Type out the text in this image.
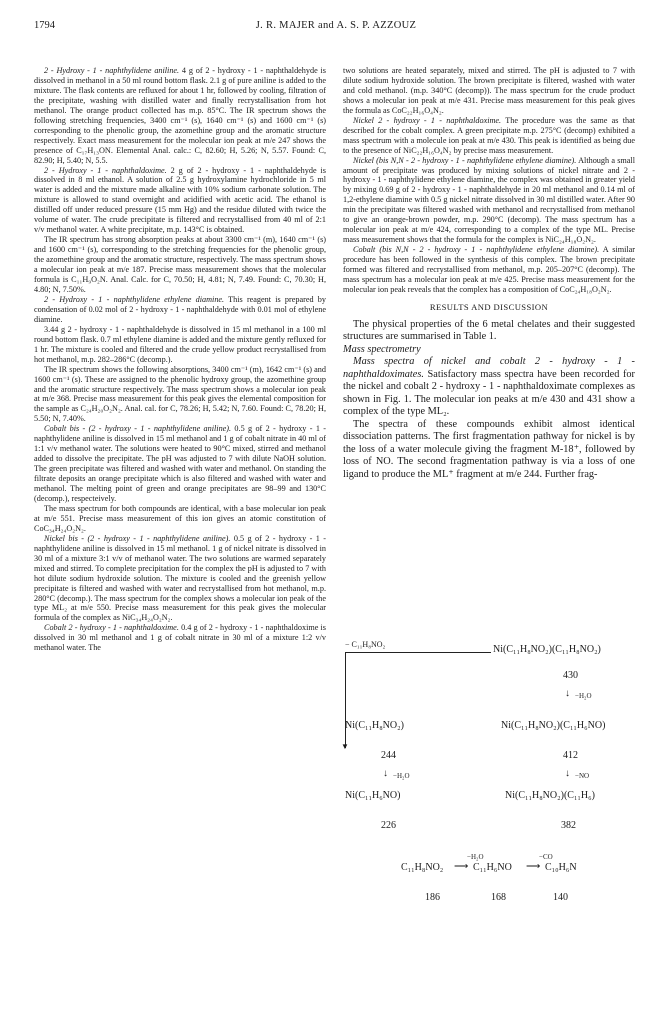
1794	J. R. MAJER and A. S. P. AZZOUZ

2 - Hydroxy - 1 - naphthylidene aniline. 4 g of 2 - hydroxy - 1 - naphthaldehyde is dissolved in methanol in a 50 ml round bottom flask. 2.1 g of pure aniline is added to the mixture. The flask contents are refluxed for about 1 hr, followed by cooling, filtration of the precipitate, washing with distilled water and finally recrystallisation from hot methanol. The orange product collected has m.p. 85°C. The IR spectrum shows the following stretching frequencies, 3400 cm⁻¹ (s), 1640 cm⁻¹ (s) and 1600 cm⁻¹ (s) corresponding to the phenolic group, the azomethine group and the aromatic structure respectively. Exact mass measurement for the molecular ion peak at m/e 247 shows the presence of C₁₇H₁₃ON. Elemental Anal. calc.: C, 82.60; H, 5.26; N, 5.57. Found: C, 82.90; H, 5.40; N, 5.5.

2 - Hydroxy - 1 - naphthaldoxime. 2 g of 2 - hydroxy - 1 - naphthaldehyde is dissolved in 8 ml ethanol. A solution of 2.5 g hydroxylamine hydrochloride in 5 ml water is added and the mixture made alkaline with 10% sodium carbonate solution. The mixture is allowed to stand overnight and acidified with acetic acid. The ethanol is distilled off under reduced pressure (15 mm Hg) and the residue diluted with twice the volume of water. The crude precipitate is filtered and recrystallised from 40 ml of 2:1 v/v methanol water. A white precipitate, m.p. 143°C is obtained.

The IR spectrum has strong absorption peaks at about 3300 cm⁻¹ (m), 1640 cm⁻¹ (s) and 1600 cm⁻¹ (s), corresponding to the stretching frequencies for the phenolic group, the azomethine group and the aromatic structure, respectively. The mass spectrum shows a molecular ion peak at m/e 187. Precise mass measurement shows that the molecular formula is C₁₁H₉O₂N. Anal. Calc. for C, 70.50; H, 4.81; N, 7.49. Found: C, 70.30; H, 4.80; N, 7.50%.

2 - Hydroxy - 1 - naphthylidene ethylene diamine. This reagent is prepared by condensation of 0.02 mol of 2 - hydroxy - 1 - naphthaldehyde with 0.01 mol of ethylene diamine.

3.44 g 2 - hydroxy - 1 - naphthaldehyde is dissolved in 15 ml methanol in a 100 ml round bottom flask. 0.7 ml ethylene diamine is added and the mixture gently refluxed for 1 hr. The mixture is cooled and filtered and the crude yellow product recrystallised from hot methanol, m.p. 282–286°C (decomp.).

The IR spectrum shows the following absorptions, 3400 cm⁻¹ (m), 1642 cm⁻¹ (s) and 1600 cm⁻¹ (s). These are assigned to the phenolic hydroxy group, the azomethine group and the aromatic structure respectively. The mass spectrum shows a molecular ion peak at m/e 368. Precise mass measurement for this peak gives the elemental composition for the sample as C₂₄H₂₀O₂N₂. Anal. cal. for C, 78.26; H, 5.42; N, 7.60. Found: C, 78.20; H, 5.50; N, 7.40%.

Cobalt bis - (2 - hydroxy - 1 - naphthylidene aniline). 0.5 g of 2 - hydroxy - 1 - naphthylidene aniline is dissolved in 15 ml methanol and 1 g of cobalt nitrate in 40 ml of 1:1 v/v methanol water. The solutions were heated to 90°C mixed, stirred and methanol added to dissolve the precipitate. The pH was adjusted to 7 with dilute NaOH solution. The green precipitate was filtered and washed with water and methanol. On standing the filtrate deposits an orange precipitate which is also filtered and washed with water and methanol. The melting point of green and orange precipitates are 98–99 and 130°C (decomp.), respecteively.

The mass spectrum for both compounds are identical, with a base molecular ion peak at m/e 551. Precise mass measurement of this ion gives an atomic constitution of CoC₃₄H₂₄O₂N₂.

Nickel bis - (2 - hydroxy - 1 - naphthylidene aniline). 0.5 g of 2 - hydroxy - 1 - naphthylidene aniline is dissolved in 15 ml methanol. 1 g of nickel nitrate is dissolved in 30 ml of a mixture 3:1 v/v of methanol water. The two solutions are warmed separately mixed and stirred. To complete precipitation for the complex the pH is adjusted to 7 with hot dilute sodium hydroxide solution. The mixture is cooled and the greenish yellow precipitate is filtered and washed with water and recrystallised from hot methanol, m.p. 280°C (decomp.). The mass spectrum for the complex shows a molecular ion peak of the type ML₂ at m/e 550. Precise mass measurement for this peak gives the molecular formula of the complex as NiC₃₄H₂₄O₂N₂.

Cobalt 2 - hydroxy - 1 - naphthaldoxime. 0.4 g of 2 - hydroxy - 1 - naphthaldoxime is dissolved in 30 ml methanol and 1 g of cobalt nitrate in 30 ml of a mixture 1:2 v/v methanol water. The

two solutions are heated separately, mixed and stirred. The pH is adjusted to 7 with dilute sodium hydroxide solution. The brown precipitate is filtered, washed with water and cold methanol. (m.p. 340°C (decomp)). The mass spectrum for the crude product shows a molecular ion peak at m/e 431. Precise mass measurement for this peak gives the formula as CoC₂₂H₁₆O₄N₂.

Nickel 2 - hydroxy - 1 - naphthaldoxime. The procedure was the same as that described for the cobalt complex. A green precipitate m.p. 275°C (decomp) exhibited a mass spectrum with a molecule ion peak at m/e 430. This peak is identified as being due to the presence of NiC₂₂H₁₆O₄N₂ by precise mass measurement.

Nickel (bis N,N - 2 - hydroxy - 1 - naphthylidene ethylene diamine). Although a small amount of precipitate was produced by mixing solutions of nickel nitrate and 2 - hydroxy - 1 - naphthylidene ethylene diamine, the complex was obtained in greater yield by mixing 0.69 g of 2 - hydroxy - 1 - naphthaldehyde in 20 ml methanol and 0.14 ml of 1,2-ethylene diamine with 0.5 g nickel nitrate dissolved in 30 ml distilled water. After 90 min the precipitate was filtered washed with methanol and recrystallised from methanol to give an orange-brown powder, m.p. 290°C (decomp). The mass spectrum has a molecular ion peak at m/e 424, corresponding to a complex of the type ML. Precise mass measurement shows that the formula for the complex is NiC₂₄H₁₈O₂N₂.

Cobalt (bis N,N - 2 - hydroxy - 1 - naphthylidene ethylene diamine). A similar procedure has been followed in the synthesis of this complex. The brown precipitate formed was filtered and recrystallised from methanol, m.p. 205–207°C (decomp). The mass spectrum has a molecular ion peak at m/e 425. Precise mass measurement for the molecular ion peak reveals that the complex has a composition of CoC₂₄H₁₈O₂N₂.

RESULTS AND DISCUSSION

The physical properties of the 6 metal chelates and their suggested structures are summarised in Table 1.

Mass spectrometry

Mass spectra of nickel and cobalt 2 - hydroxy - 1 - naphthaldoximates. Satisfactory mass spectra have been recorded for the nickel and cobalt 2 - hydroxy - 1 - naphthaldoximate complexes as shown in Fig. 1. The molecular ion peaks at m/e 430 and 431 show a complex of the type ML₂.

The spectra of these compounds exhibit almost identical dissociation patterns. The first fragmentation pathway for nickel is by the loss of a water molecule giving the fragment M-18⁺, followed by loss of NO. The second fragmentation pathway is via a loss of one ligand to produce the ML⁺ fragment at m/e 244. Further frag-

− C₁₁H₈NO₂	Ni(C₁₁H₈NO₂)(C₁₁H₈NO₂)
▼
430
↓ −H₂O
Ni(C₁₁H₈NO₂)	Ni(C₁₁H₈NO₂)(C₁₁H₆NO)
244	412
↓ −H₂O	↓ −NO
Ni(C₁₁H₆NO)	Ni(C₁₁H₈NO₂)(C₁₁H₆)
226	382
−H₂O	−CO
C₁₁H₈NO₂ ⟶ C₁₁H₆NO ⟶ C₁₀H₆N
186	168	140
